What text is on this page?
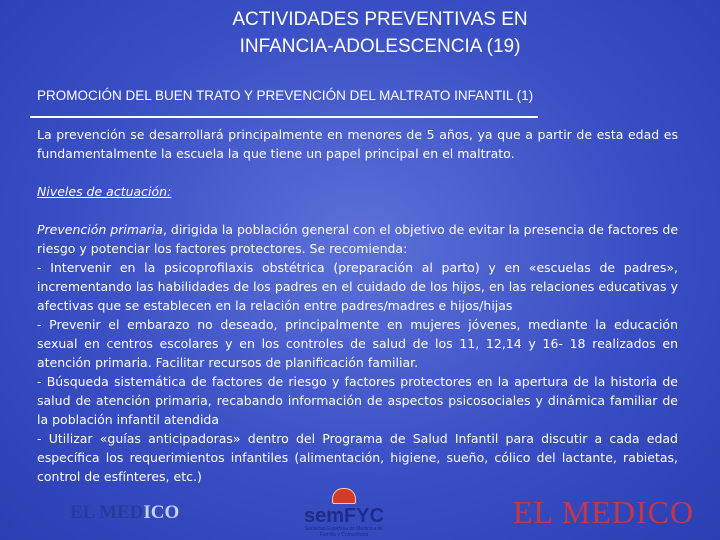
ACTIVIDADES PREVENTIVAS EN
INFANCIA-ADOLESCENCIA (19)
PROMOCIÓN DEL BUEN TRATO Y PREVENCIÓN DEL MALTRATO INFANTIL (1)

La prevención se desarrollará principalmente en menores de 5 años, ya que a partir de esta edad es fundamentalmente la escuela la que tiene un papel principal en el maltrato.

Niveles de actuación:

Prevención primaria, dirigida la población general con el objetivo de evitar la presencia de factores de riesgo y potenciar los factores protectores. Se recomienda:

- Intervenir en la psicoprofilaxis obstétrica (preparación al parto) y en «escuelas de padres», incrementando las habilidades de los padres en el cuidado de los hijos, en las relaciones educativas y afectivas que se establecen en la relación entre padres/madres e hijos/hijas

- Prevenir el embarazo no deseado, principalmente en mujeres jóvenes, mediante la educación sexual en centros escolares y en los controles de salud de los 11, 12,14 y 16- 18 realizados en atención primaria. Facilitar recursos de planificación familiar.

- Búsqueda sistemática de factores de riesgo y factores protectores en la apertura de la historia de salud de atención primaria, recabando información de aspectos psicosociales y dinámica familiar de la población infantil atendida

- Utilizar «guías anticipadoras» dentro del Programa de Salud Infantil para discutir a cada edad específica los requerimientos infantiles (alimentación, higiene, sueño, cólico del lactante, rabietas, control de esfínteres, etc.)

EL MEDICO	semFYC
Sociedad Española de Medicina de Familia y Comunitaria
EL MEDICO
